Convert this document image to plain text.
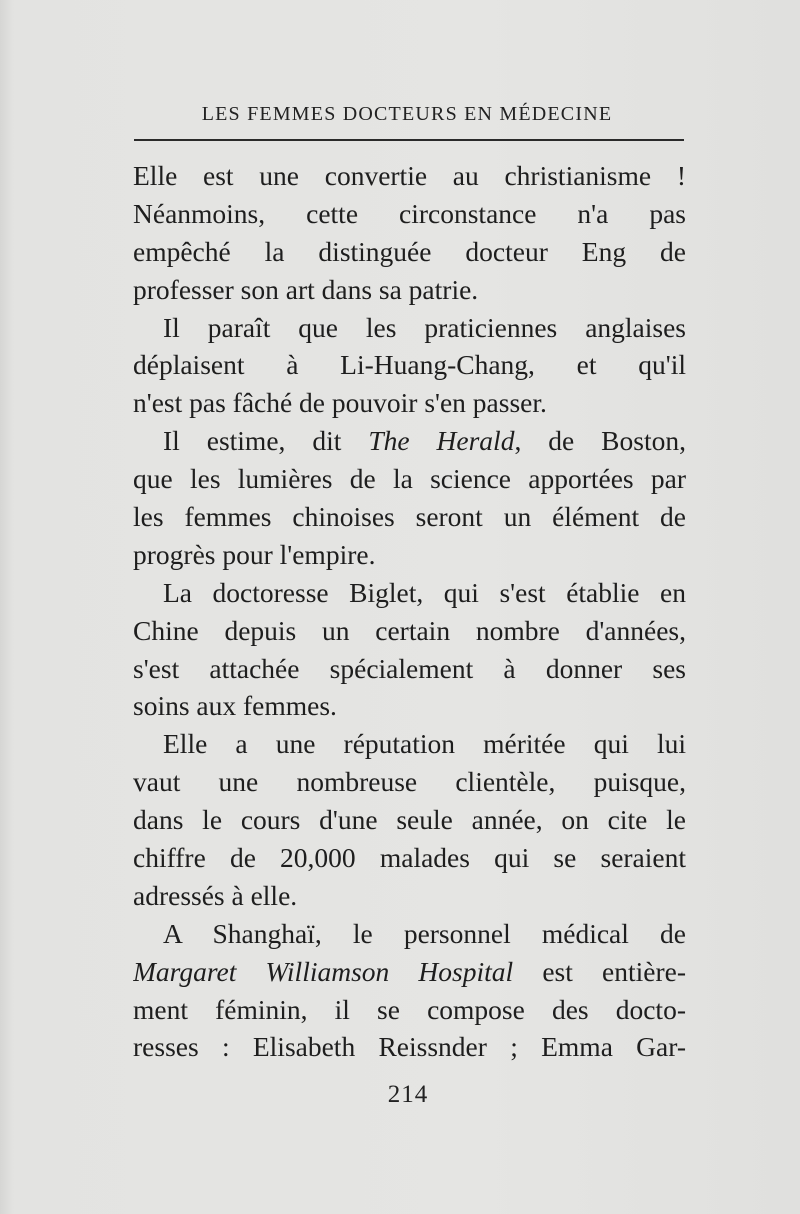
LES FEMMES DOCTEURS EN MÉDECINE
Elle est une convertie au christianisme !
Néanmoins, cette circonstance n'a pas
empêché la distinguée docteur Eng de
professer son art dans sa patrie.
Il paraît que les praticiennes anglaises
déplaisent à Li-Huang-Chang, et qu'il
n'est pas fâché de pouvoir s'en passer.
Il estime, dit The Herald, de Boston,
que les lumières de la science apportées par
les femmes chinoises seront un élément de
progrès pour l'empire.
La doctoresse Biglet, qui s'est établie en
Chine depuis un certain nombre d'années,
s'est attachée spécialement à donner ses
soins aux femmes.
Elle a une réputation méritée qui lui
vaut une nombreuse clientèle, puisque,
dans le cours d'une seule année, on cite le
chiffre de 20,000 malades qui se seraient
adressés à elle.
A Shanghaï, le personnel médical de
Margaret Williamson Hospital est entière-
ment féminin, il se compose des docto-
resses : Elisabeth Reissnder ; Emma Gar-
214
